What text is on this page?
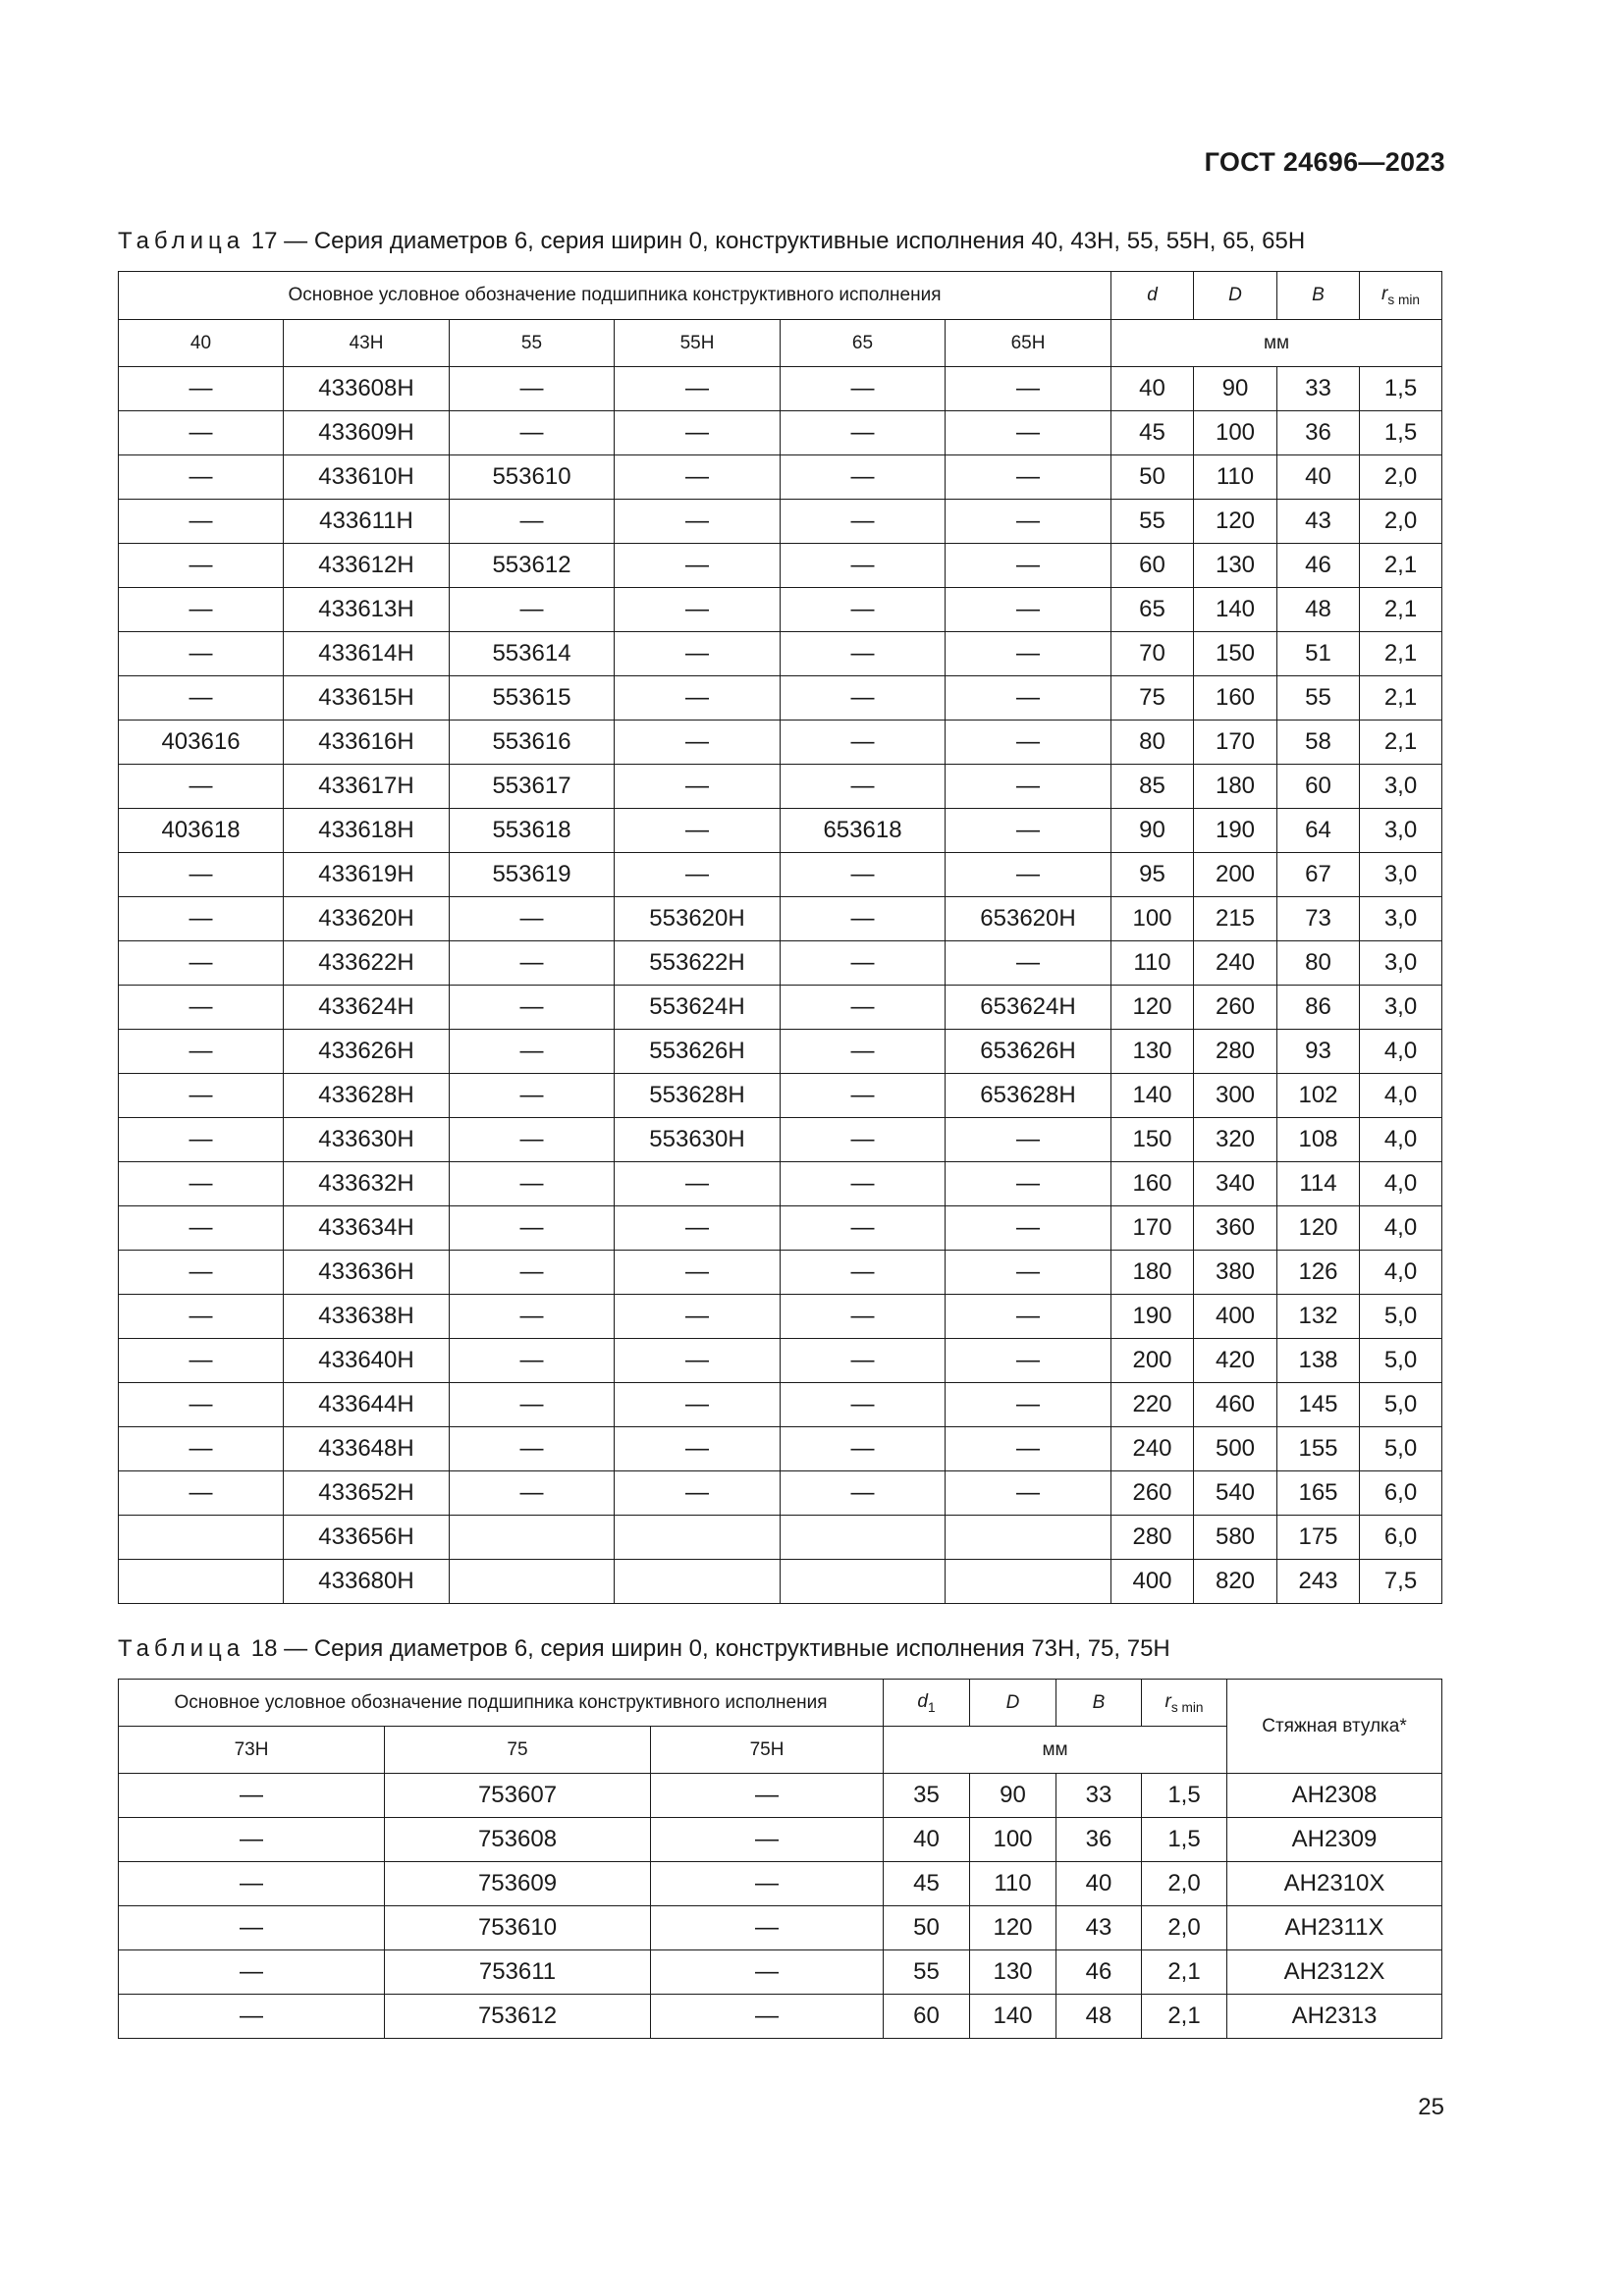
ГОСТ 24696—2023
Таблица 17 — Серия диаметров 6, серия ширин 0, конструктивные исполнения 40, 43H, 55, 55H, 65, 65H
Основное условное обозначение подшипника конструктивного исполнения						d	D	B	$r_{s min}$
40	43H	55	55H	65	65H	мм			
—	433608H	—	—	—	—	40	90	33	1,5
—	433609H	—	—	—	—	45	100	36	1,5
—	433610H	553610	—	—	—	50	110	40	2,0
—	433611H	—	—	—	—	55	120	43	2,0
—	433612H	553612	—	—	—	60	130	46	2,1
—	433613H	—	—	—	—	65	140	48	2,1
—	433614H	553614	—	—	—	70	150	51	2,1
—	433615H	553615	—	—	—	75	160	55	2,1
403616	433616H	553616	—	—	—	80	170	58	2,1
—	433617H	553617	—	—	—	85	180	60	3,0
403618	433618H	553618	—	653618	—	90	190	64	3,0
—	433619H	553619	—	—	—	95	200	67	3,0
—	433620H	—	553620H	—	653620H	100	215	73	3,0
—	433622H	—	553622H	—	—	110	240	80	3,0
—	433624H	—	553624H	—	653624H	120	260	86	3,0
—	433626H	—	553626H	—	653626H	130	280	93	4,0
—	433628H	—	553628H	—	653628H	140	300	102	4,0
—	433630H	—	553630H	—	—	150	320	108	4,0
—	433632H	—	—	—	—	160	340	114	4,0
—	433634H	—	—	—	—	170	360	120	4,0
—	433636H	—	—	—	—	180	380	126	4,0
—	433638H	—	—	—	—	190	400	132	5,0
—	433640H	—	—	—	—	200	420	138	5,0
—	433644H	—	—	—	—	220	460	145	5,0
—	433648H	—	—	—	—	240	500	155	5,0
—	433652H	—	—	—	—	260	540	165	6,0
	433656H					280	580	175	6,0
	433680H					400	820	243	7,5
Таблица 18 — Серия диаметров 6, серия ширин 0, конструктивные исполнения 73H, 75, 75H
Основное условное обозначение подшипника конструктивного исполнения			$d_1$	D	B	$r_{s min}$	Стяжная втулка*
73H	75	75H	мм				
—	753607	—	35	90	33	1,5	AH2308
—	753608	—	40	100	36	1,5	AH2309
—	753609	—	45	110	40	2,0	AH2310X
—	753610	—	50	120	43	2,0	AH2311X
—	753611	—	55	130	46	2,1	AH2312X
—	753612	—	60	140	48	2,1	AH2313
25
